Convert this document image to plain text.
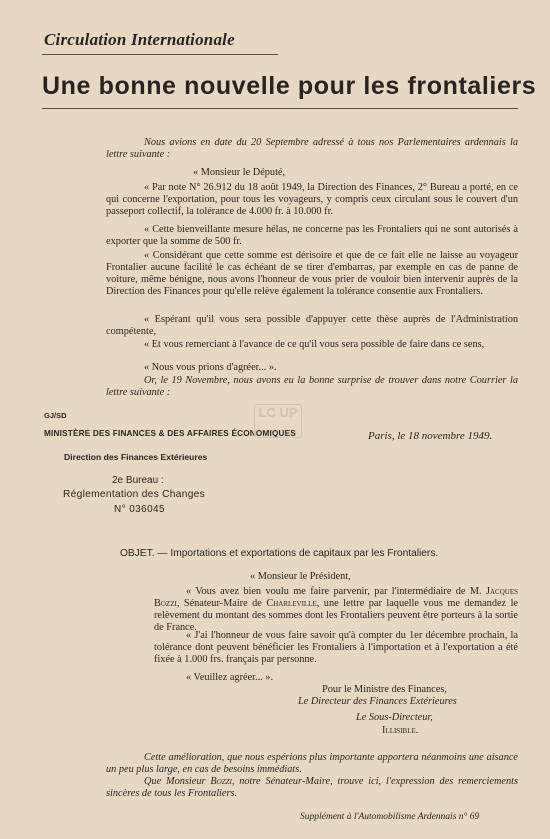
Circulation Internationale
Une bonne nouvelle pour les frontaliers

Nous avions en date du 20 Septembre adressé à tous nos Parlementaires ardennais la lettre suivante :

« Monsieur le Député,

« Par note N° 26.912 du 18 août 1949, la Direction des Finances, 2° Bureau a porté, en ce qui concerne l'exportation, pour tous les voyageurs, y compris ceux circulant sous le couvert d'un passeport collectif, la tolérance de 4.000 fr. à 10.000 fr.

« Cette bienveillante mesure hélas, ne concerne pas les Frontaliers qui ne sont autorisés à exporter que la somme de 500 fr.

« Considérant que cette somme est dérisoire et que de ce fait elle ne laisse au voyageur Frontalier aucune facilité le cas échéant de se tirer d'embarras, par exemple en cas de panne de voiture, même bénigne, nous avons l'honneur de vous prier de vouloir bien intervenir auprès de la Direction des Finances pour qu'elle relève également la tolérance consentie aux Frontaliers.

« Espérant qu'il vous sera possible d'appuyer cette thèse auprès de l'Administration compétente,

« Et vous remerciant à l'avance de ce qu'il vous sera possible de faire dans ce sens,

« Nous vous prions d'agréer... ».

Or, le 19 Novembre, nous avons eu la bonne surprise de trouver dans notre Courrier la lettre suivante :

GJ/SD
MINISTÈRE DES FINANCES & DES AFFAIRES ÉCONOMIQUES
LC UP
Paris, le 18 novembre 1949.
Direction des Finances Extérieures
2e Bureau :
Réglementation des Changes
N° 036045
OBJET. — Importations et exportations de capitaux par les Frontaliers.

« Monsieur le Président,

« Vous avez bien voulu me faire parvenir, par l'intermédiaire de M. Jacques Bozzi, Sénateur-Maire de Charleville, une lettre par laquelle vous me demandez le relèvement du montant des sommes dont les Frontaliers peuvent être porteurs à la sortie de France.

« J'ai l'honneur de vous faire savoir qu'à compter du 1er décembre prochain, la tolérance dont peuvent bénéficier les Frontaliers à l'importation et à l'exportation a été fixée à 1.000 frs. français par personne.

« Veuillez agréer... ».

Pour le Ministre des Finances,
Le Directeur des Finances Extérieures
Le Sous-Directeur,
Illisible.

Cette amélioration, que nous espérions plus importante apportera néanmoins une aisance un peu plus large, en cas de besoins immédiats.

Que Monsieur Bozzi, notre Sénateur-Maire, trouve ici, l'expression des remerciements sincères de tous les Frontaliers.

Supplément à l'Automobilisme Ardennais n° 69
